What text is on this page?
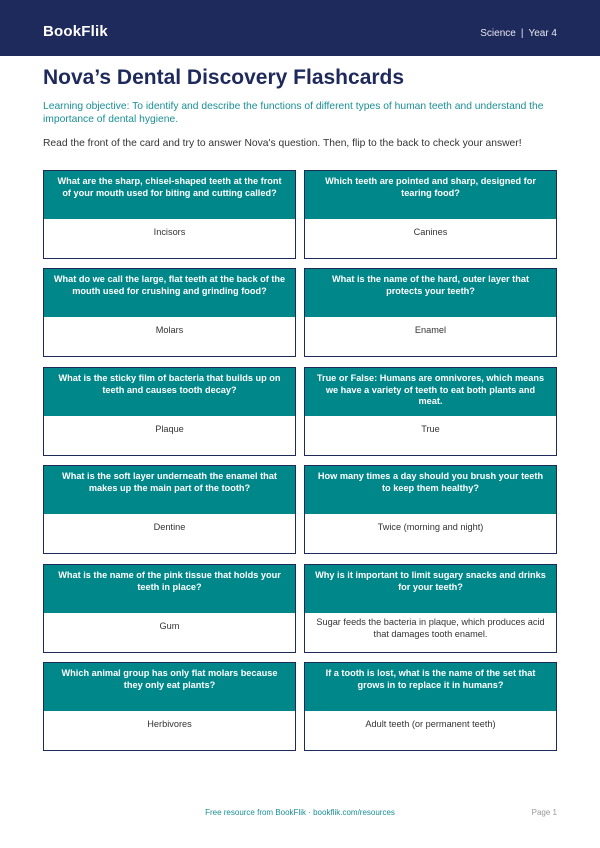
BookFlik	Science | Year 4
Nova’s Dental Discovery Flashcards
Learning objective: To identify and describe the functions of different types of human teeth and understand the importance of dental hygiene.
Read the front of the card and try to answer Nova's question. Then, flip to the back to check your answer!
What are the sharp, chisel-shaped teeth at the front of your mouth used for biting and cutting called?
Incisors
Which teeth are pointed and sharp, designed for tearing food?
Canines
What do we call the large, flat teeth at the back of the mouth used for crushing and grinding food?
Molars
What is the name of the hard, outer layer that protects your teeth?
Enamel
What is the sticky film of bacteria that builds up on teeth and causes tooth decay?
Plaque
True or False: Humans are omnivores, which means we have a variety of teeth to eat both plants and meat.
True
What is the soft layer underneath the enamel that makes up the main part of the tooth?
Dentine
How many times a day should you brush your teeth to keep them healthy?
Twice (morning and night)
What is the name of the pink tissue that holds your teeth in place?
Gum
Why is it important to limit sugary snacks and drinks for your teeth?
Sugar feeds the bacteria in plaque, which produces acid that damages tooth enamel.
Which animal group has only flat molars because they only eat plants?
Herbivores
If a tooth is lost, what is the name of the set that grows in to replace it in humans?
Adult teeth (or permanent teeth)
Free resource from BookFlik · bookflik.com/resources	Page 1
